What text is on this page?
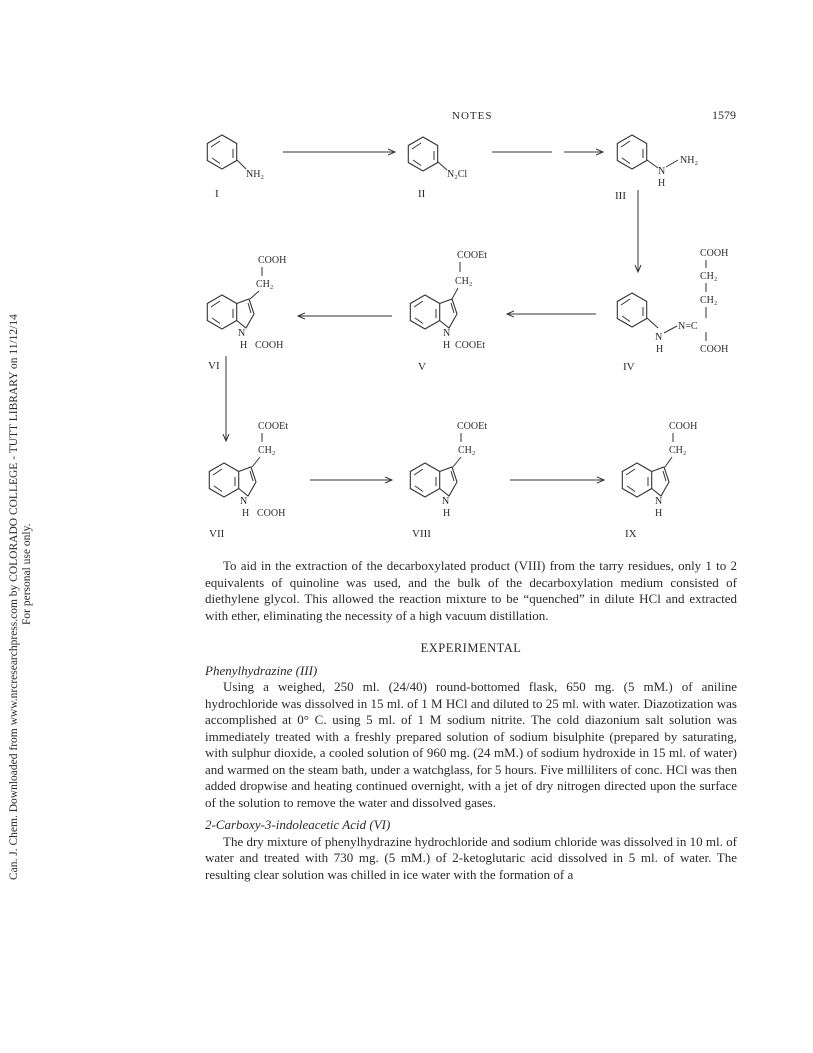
NOTES	1579
Can. J. Chem. Downloaded from www.nrcresearchpress.com by COLORADO COLLEGE - TUTT LIBRARY on 11/12/14 For personal use only.
NH₂
I
N₂Cl
II
N
H
NH₂
III
N
H
N=C
COOH
CH₂
CH₂
COOH
IV
COOEt
CH₂
N
H COOEt
V
COOH
CH₂
N
H COOH
VI
COOEt
CH₂
N
H COOH
VII
COOEt
CH₂
N
H
VIII
COOH
CH₂
N
H
IX

To aid in the extraction of the decarboxylated product (VIII) from the tarry residues, only 1 to 2 equivalents of quinoline was used, and the bulk of the decarboxylation medium consisted of diethylene glycol. This allowed the reaction mixture to be “quenched” in dilute HCl and extracted with ether, eliminating the necessity of a high vacuum distillation.

EXPERIMENTAL

Phenylhydrazine (III)

Using a weighed, 250 ml. (24/40) round-bottomed flask, 650 mg. (5 mM.) of aniline hydrochloride was dissolved in 15 ml. of 1 M HCl and diluted to 25 ml. with water. Diazotization was accomplished at 0° C. using 5 ml. of 1 M sodium nitrite. The cold diazonium salt solution was immediately treated with a freshly prepared solution of sodium bisulphite (prepared by saturating, with sulphur dioxide, a cooled solution of 960 mg. (24 mM.) of sodium hydroxide in 15 ml. of water) and warmed on the steam bath, under a watchglass, for 5 hours. Five milliliters of conc. HCl was then added dropwise and heating continued overnight, with a jet of dry nitrogen directed upon the surface of the solution to remove the water and dissolved gases.

2-Carboxy-3-indoleacetic Acid (VI)

The dry mixture of phenylhydrazine hydrochloride and sodium chloride was dissolved in 10 ml. of water and treated with 730 mg. (5 mM.) of 2-ketoglutaric acid dissolved in 5 ml. of water. The resulting clear solution was chilled in ice water with the formation of a
